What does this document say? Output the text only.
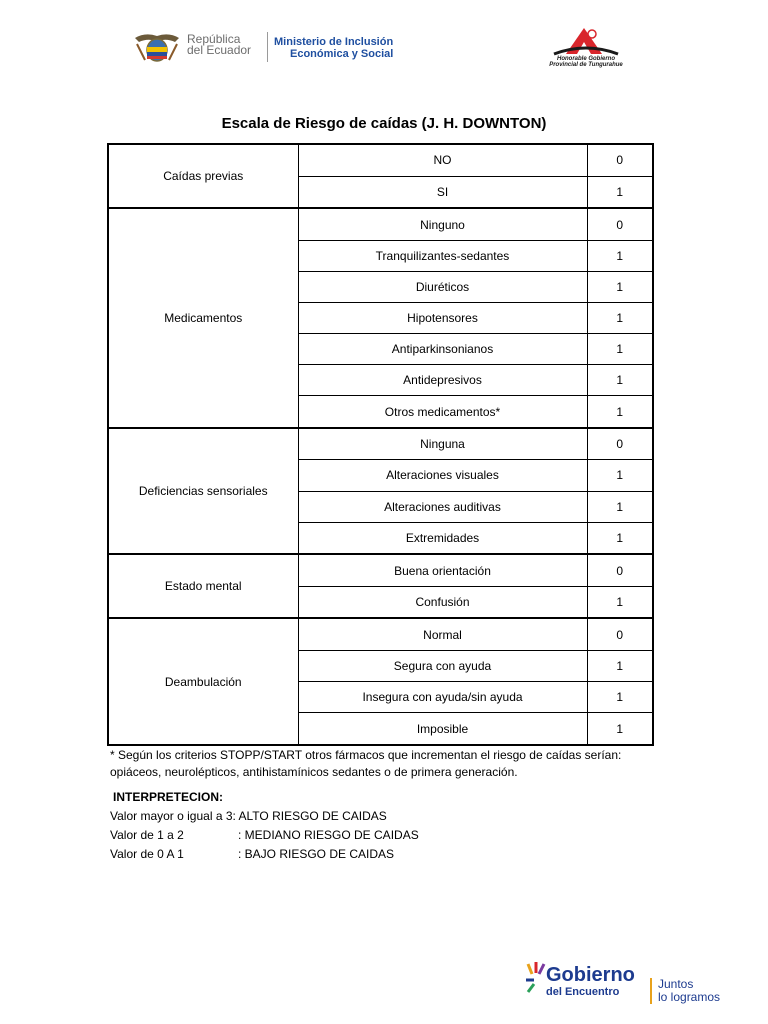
República
del Ecuador
Ministerio de Inclusión
Económica y Social	Honorable Gobierno
Provincial de Tungurahue
Escala de Riesgo de caídas (J. H. DOWNTON)
Caídas previas	NO	0
	SI	1
Medicamentos	Ninguno	0
	Tranquilizantes-sedantes	1
	Diuréticos	1
	Hipotensores	1
	Antiparkinsonianos	1
	Antidepresivos	1
	Otros medicamentos*	1
Deficiencias sensoriales	Ninguna	0
	Alteraciones visuales	1
	Alteraciones auditivas	1
	Extremidades	1
Estado mental	Buena orientación	0
	Confusión	1
Deambulación	Normal	0
	Segura con ayuda	1
	Insegura con ayuda/sin ayuda	1
	Imposible	1
* Según los criterios STOPP/START otros fármacos que incrementan el riesgo de caídas serían:
opiáceos, neurolépticos, antihistamínicos sedantes o de primera generación.
INTERPRETECION:
Valor mayor o igual a 3: ALTO RIESGO DE CAIDAS
Valor de 1 a 2	: MEDIANO RIESGO DE CAIDAS
Valor de 0 A 1	: BAJO RIESGO DE CAIDAS
Gobierno
del Encuentro
Juntos
lo logramos
